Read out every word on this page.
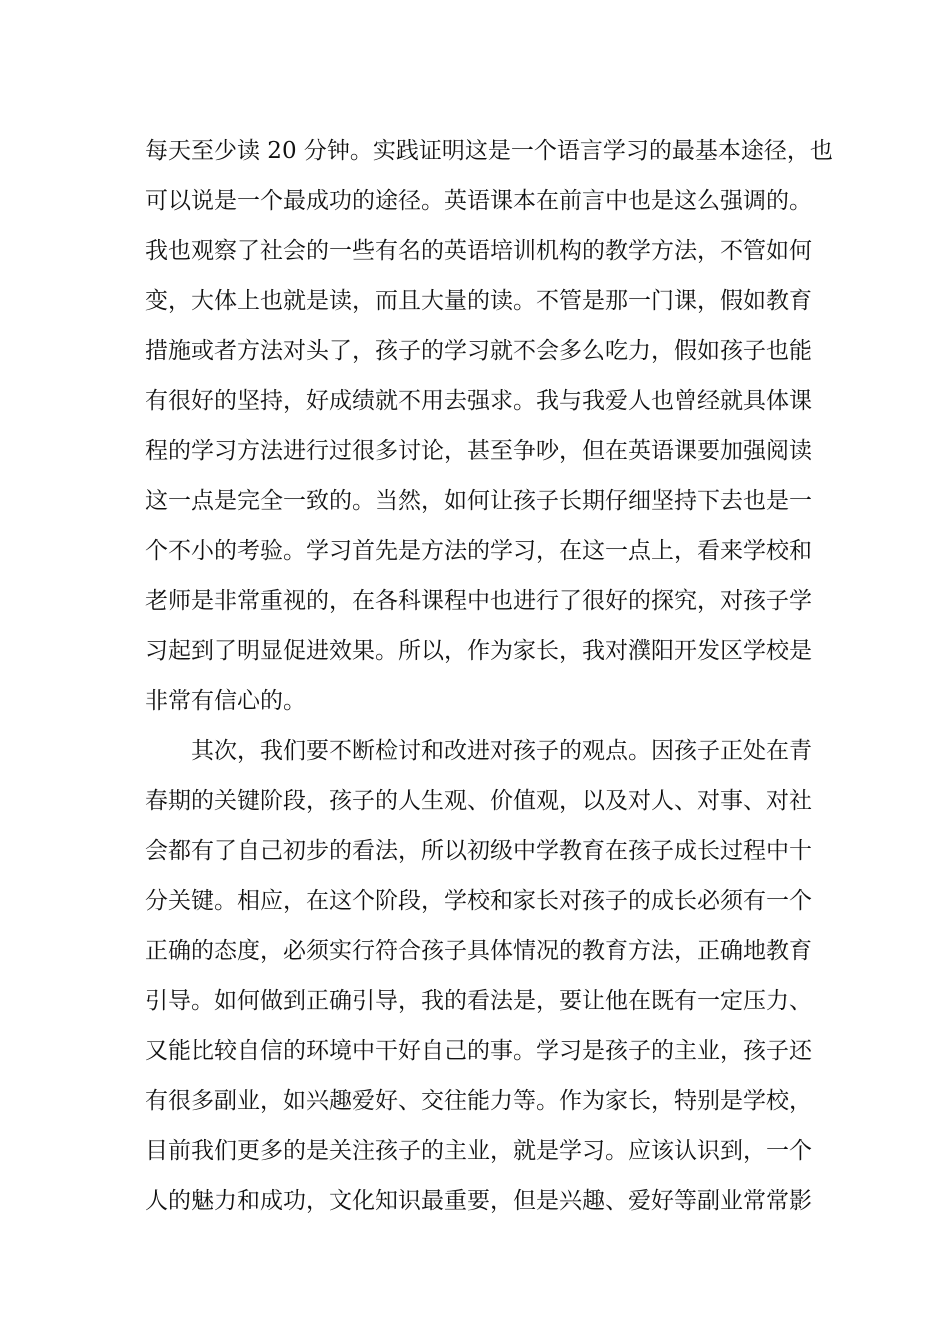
每天至少读 20 分钟。实践证明这是一个语言学习的最基本途径，也
可以说是一个最成功的途径。英语课本在前言中也是这么强调的。
我也观察了社会的一些有名的英语培训机构的教学方法，不管如何
变，大体上也就是读，而且大量的读。不管是那一门课，假如教育
措施或者方法对头了，孩子的学习就不会多么吃力，假如孩子也能
有很好的坚持，好成绩就不用去强求。我与我爱人也曾经就具体课
程的学习方法进行过很多讨论，甚至争吵，但在英语课要加强阅读
这一点是完全一致的。当然，如何让孩子长期仔细坚持下去也是一
个不小的考验。学习首先是方法的学习，在这一点上，看来学校和
老师是非常重视的，在各科课程中也进行了很好的探究，对孩子学
习起到了明显促进效果。所以，作为家长，我对濮阳开发区学校是
非常有信心的。
其次，我们要不断检讨和改进对孩子的观点。因孩子正处在青
春期的关键阶段，孩子的人生观、价值观，以及对人、对事、对社
会都有了自己初步的看法，所以初级中学教育在孩子成长过程中十
分关键。相应，在这个阶段，学校和家长对孩子的成长必须有一个
正确的态度，必须实行符合孩子具体情况的教育方法，正确地教育
引导。如何做到正确引导，我的看法是，要让他在既有一定压力、
又能比较自信的环境中干好自己的事。学习是孩子的主业，孩子还
有很多副业，如兴趣爱好、交往能力等。作为家长，特别是学校，
目前我们更多的是关注孩子的主业，就是学习。应该认识到，一个
人的魅力和成功，文化知识最重要，但是兴趣、爱好等副业常常影
